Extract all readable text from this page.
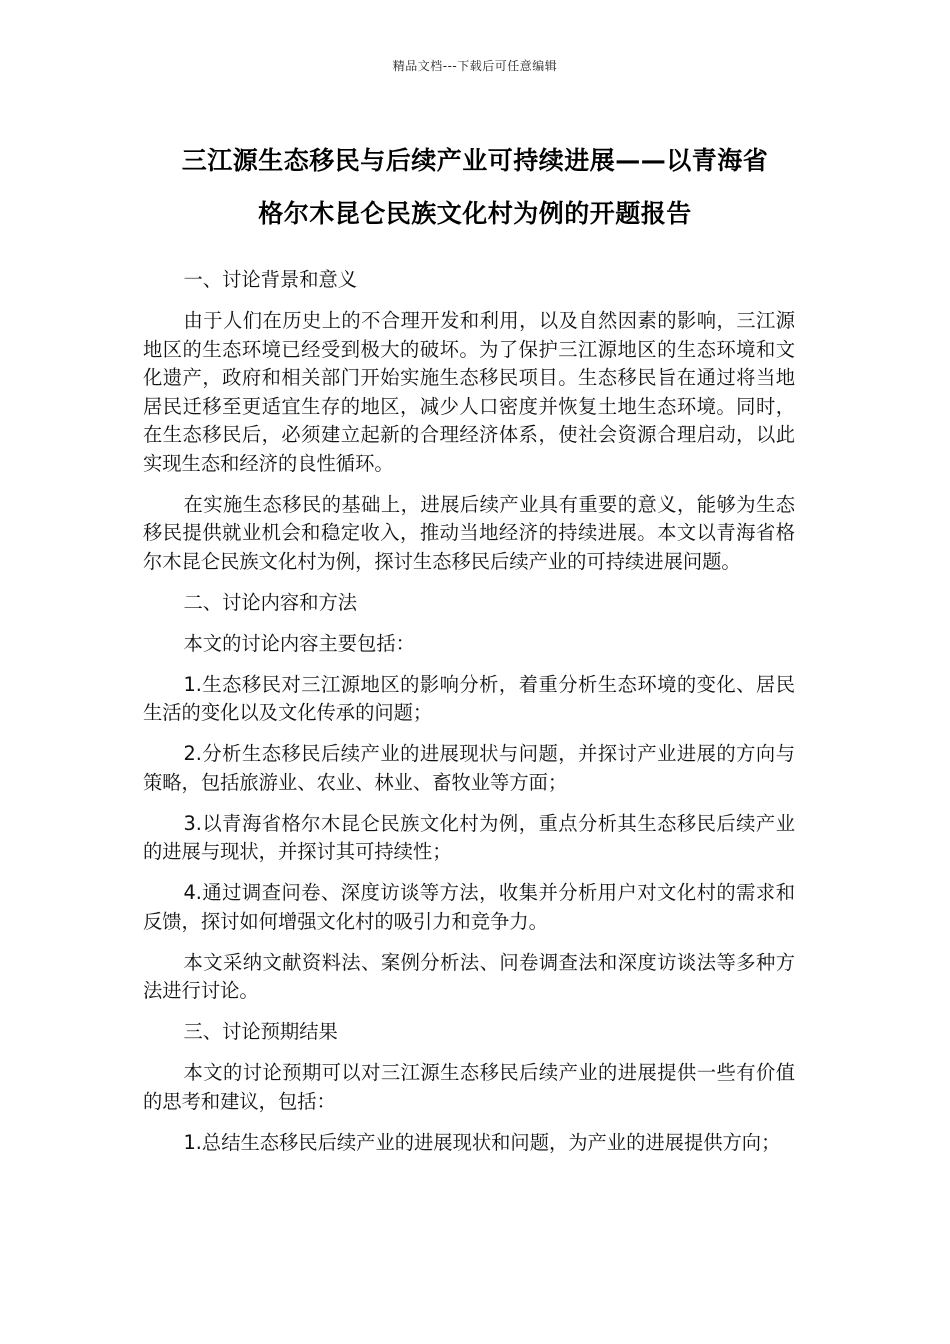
精品文档---下载后可任意编辑
三江源生态移民与后续产业可持续进展——以青海省
格尔木昆仑民族文化村为例的开题报告

一、讨论背景和意义

由于人们在历史上的不合理开发和利用，以及自然因素的影响，三江源地区的生态环境已经受到极大的破坏。为了保护三江源地区的生态环境和文化遗产，政府和相关部门开始实施生态移民项目。生态移民旨在通过将当地居民迁移至更适宜生存的地区，减少人口密度并恢复土地生态环境。同时，在生态移民后，必须建立起新的合理经济体系，使社会资源合理启动，以此实现生态和经济的良性循环。

在实施生态移民的基础上，进展后续产业具有重要的意义，能够为生态移民提供就业机会和稳定收入，推动当地经济的持续进展。本文以青海省格尔木昆仑民族文化村为例，探讨生态移民后续产业的可持续进展问题。

二、讨论内容和方法

本文的讨论内容主要包括：

1.生态移民对三江源地区的影响分析，着重分析生态环境的变化、居民生活的变化以及文化传承的问题；

2.分析生态移民后续产业的进展现状与问题，并探讨产业进展的方向与策略，包括旅游业、农业、林业、畜牧业等方面；

3.以青海省格尔木昆仑民族文化村为例，重点分析其生态移民后续产业的进展与现状，并探讨其可持续性；

4.通过调查问卷、深度访谈等方法，收集并分析用户对文化村的需求和反馈，探讨如何增强文化村的吸引力和竞争力。

本文采纳文献资料法、案例分析法、问卷调查法和深度访谈法等多种方法进行讨论。

三、讨论预期结果

本文的讨论预期可以对三江源生态移民后续产业的进展提供一些有价值的思考和建议，包括：

1.总结生态移民后续产业的进展现状和问题，为产业的进展提供方向；
